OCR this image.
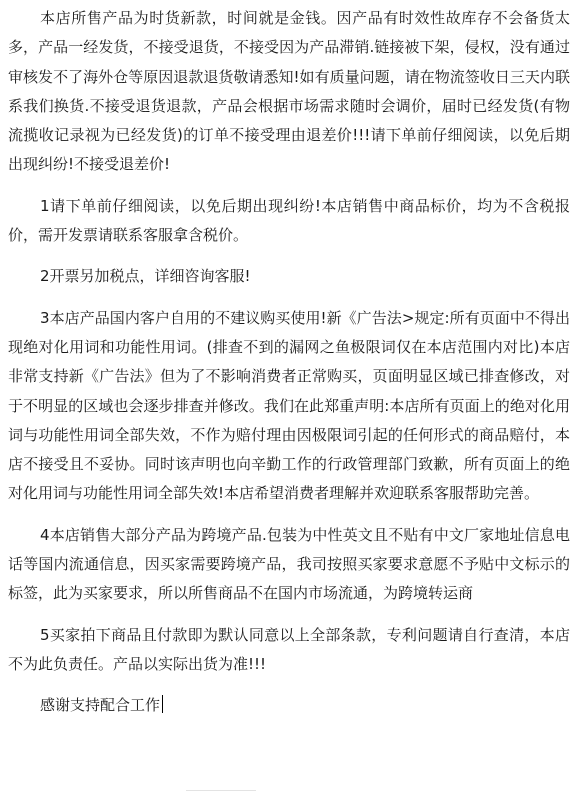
本店所售产品为时货新款，时间就是金钱。因产品有时效性故库存不会备货太多，产品一经发货，不接受退货，不接受因为产品滞销.链接被下架，侵权，没有通过审核发不了海外仓等原因退款退货敬请悉知!如有质量问题，请在物流签收日三天内联系我们换货.不接受退货退款，产品会根据市场需求随时会调价，届时已经发货(有物流揽收记录视为已经发货)的订单不接受理由退差价!!!请下单前仔细阅读，以免后期出现纠纷!不接受退差价!

1请下单前仔细阅读，以免后期出现纠纷!本店销售中商品标价，均为不含税报价，需开发票请联系客服拿含税价。

2开票另加税点，详细咨询客服!

3本店产品国内客户自用的不建议购买使用!新《广告法>规定:所有页面中不得出现绝对化用词和功能性用词。(排查不到的漏网之鱼极限词仅在本店范围内对比)本店非常支持新《广告法》但为了不影响消费者正常购买，页面明显区域已排查修改，对于不明显的区域也会逐步排查并修改。我们在此郑重声明:本店所有页面上的绝对化用词与功能性用词全部失效，不作为赔付理由因极限词引起的任何形式的商品赔付，本店不接受且不妥协。同时该声明也向辛勤工作的行政管理部门致歉，所有页面上的绝对化用词与功能性用词全部失效!本店希望消费者理解并欢迎联系客服帮助完善。

4本店销售大部分产品为跨境产品.包装为中性英文且不贴有中文厂家地址信息电话等国内流通信息，因买家需要跨境产品，我司按照买家要求意愿不予贴中文标示的标签，此为买家要求，所以所售商品不在国内市场流通，为跨境转运商

5买家拍下商品且付款即为默认同意以上全部条款，专利问题请自行查清，本店不为此负责任。产品以实际出货为准!!!

感谢支持配合工作
